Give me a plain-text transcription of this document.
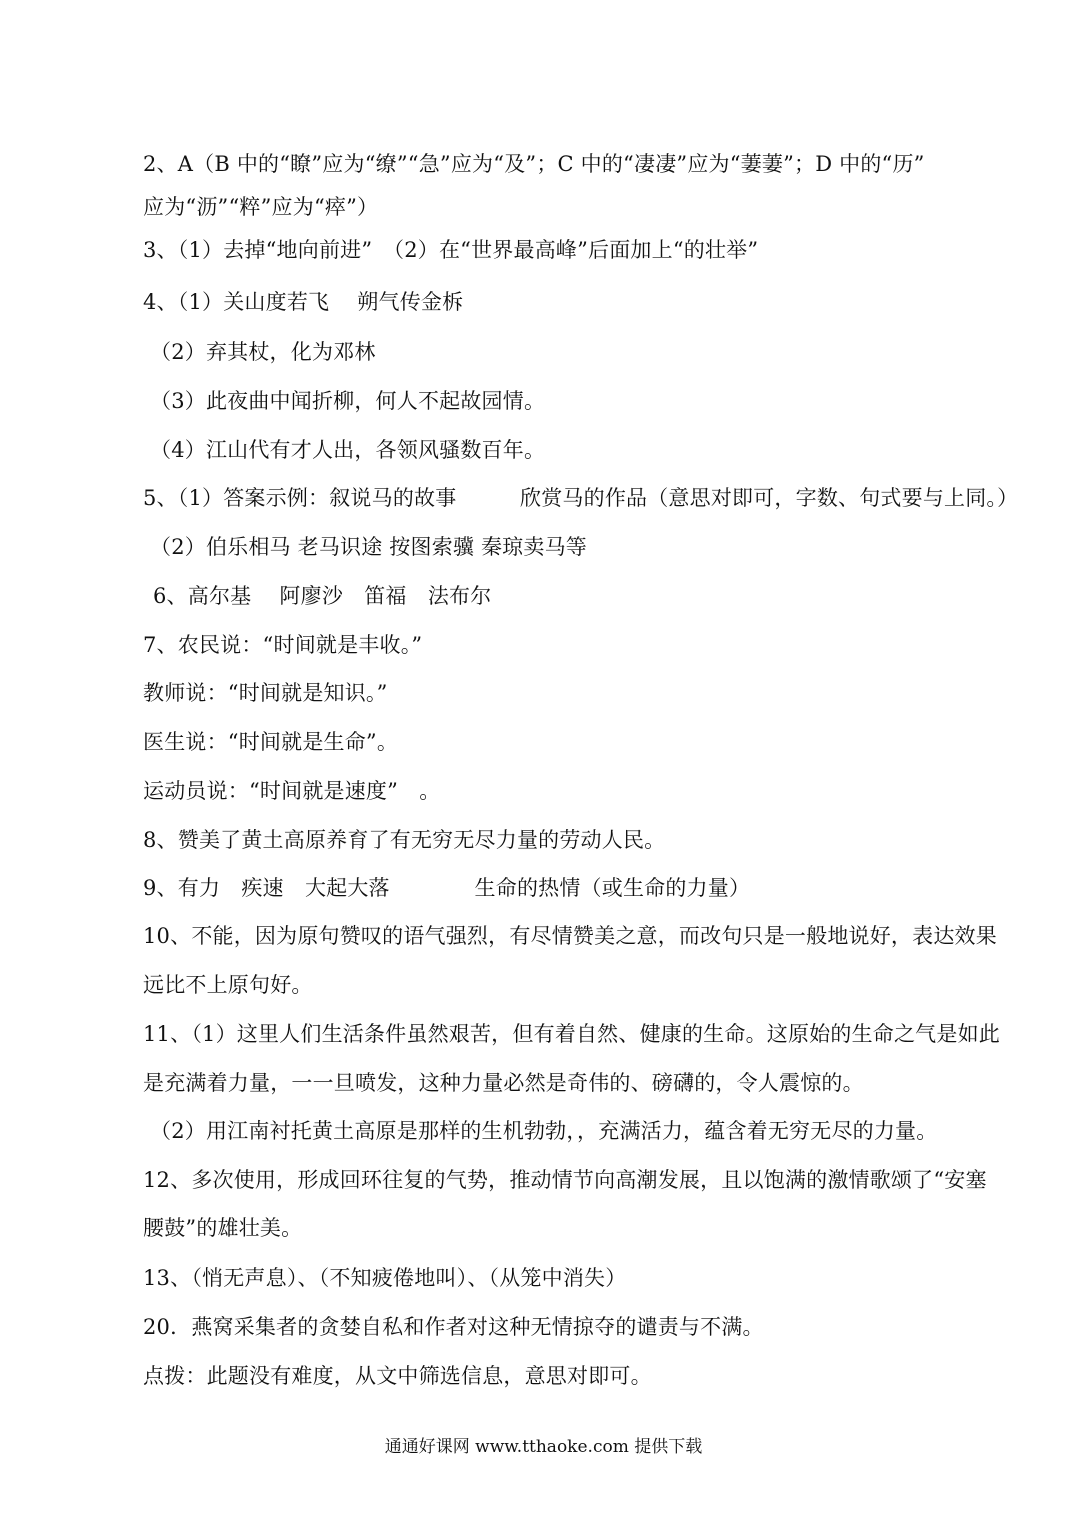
2、A（B 中的“瞭”应为“缭”“急”应为“及”；C 中的“凄凄”应为“萋萋”；D 中的“历”
应为“沥”“粹”应为“瘁”）
3、（1）去掉“地向前进”　（2）在“世界最高峰”后面加上“的壮举”
4、（1）关山度若飞　 朔气传金柝
（2）弃其杖，化为邓林
（3）此夜曲中闻折柳，何人不起故园情。
（4）江山代有才人出，各领风骚数百年。
5、（1）答案示例：叙说马的故事　　　欣赏马的作品（意思对即可，字数、句式要与上同。）
（2）伯乐相马 老马识途 按图索骥 秦琼卖马等
6、高尔基　 阿廖沙　笛福　法布尔
7、农民说：“时间就是丰收。”
教师说：“时间就是知识。”
医生说：“时间就是生命”。
运动员说：“时间就是速度”　。
8、赞美了黄土高原养育了有无穷无尽力量的劳动人民。
9、有力　疾速　大起大落　　　　生命的热情（或生命的力量）
10、不能，因为原句赞叹的语气强烈，有尽情赞美之意，而改句只是一般地说好，表达效果
远比不上原句好。
11、（1）这里人们生活条件虽然艰苦，但有着自然、健康的生命。这原始的生命之气是如此
是充满着力量，一一旦喷发，这种力量必然是奇伟的、磅礴的，令人震惊的。
（2）用江南衬托黄土高原是那样的生机勃勃，，充满活力，蕴含着无穷无尽的力量。
12、多次使用，形成回环往复的气势，推动情节向高潮发展，且以饱满的激情歌颂了“安塞
腰鼓”的雄壮美。
13、（悄无声息）、（不知疲倦地叫）、（从笼中消失）
20．燕窝采集者的贪婪自私和作者对这种无情掠夺的谴责与不满。
点拨：此题没有难度，从文中筛选信息，意思对即可。
通通好课网 www.tthaoke.com 提供下载
